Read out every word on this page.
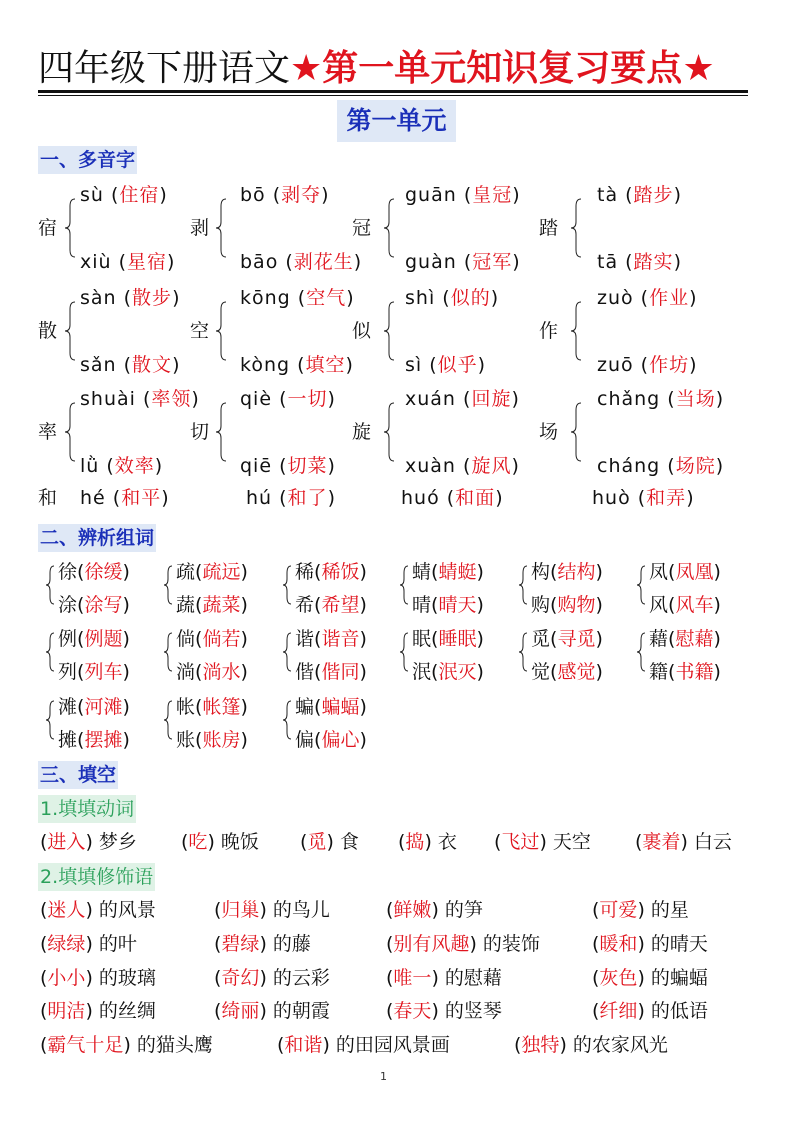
四年级下册语文★第一单元知识复习要点★
第一单元
一、多音字
宿
sù (住宿)
xiù (星宿)
剥
bō (剥夺)
bāo (剥花生)
冠
guān (皇冠)
guàn (冠军)
踏
tà (踏步)
tā (踏实)
散
sàn (散步)
sǎn (散文)
空
kōng (空气)
kòng (填空)
似
shì (似的)
sì (似乎)
作
zuò (作业)
zuō (作坊)
率
shuài (率领)
lǜ (效率)
切
qiè (一切)
qiē (切菜)
旋
xuán (回旋)
xuàn (旋风)
场
chǎng (当场)
cháng (场院)
和 hé (和平)	hú (和了)	huó (和面)	huò (和弄)
二、辨析组词
徐(徐缓)
涂(涂写)
疏(疏远)
蔬(蔬菜)
稀(稀饭)
希(希望)
蜻(蜻蜓)
晴(晴天)
构(结构)
购(购物)
凤(凤凰)
风(风车)
例(例题)
列(列车)
倘(倘若)
淌(淌水)
谐(谐音)
偕(偕同)
眠(睡眠)
泯(泯灭)
觅(寻觅)
觉(感觉)
藉(慰藉)
籍(书籍)
滩(河滩)
摊(摆摊)
帐(帐篷)
账(账房)
蝙(蝙蝠)
偏(偏心)
三、填空
1.填填动词
(进入) 梦乡 (吃) 晚饭 (觅) 食 (捣) 衣 (飞过) 天空 (裹着) 白云
2.填填修饰语
(迷人) 的风景	(归巢) 的鸟儿	(鲜嫩) 的笋	(可爱) 的星
(绿绿) 的叶	(碧绿) 的藤	(别有风趣) 的装饰	(暖和) 的晴天
(小小) 的玻璃	(奇幻) 的云彩	(唯一) 的慰藉	(灰色) 的蝙蝠
(明洁) 的丝绸	(绮丽) 的朝霞	(春天) 的竖琴	(纤细) 的低语
(霸气十足) 的猫头鹰	(和谐) 的田园风景画	(独特) 的农家风光
1
